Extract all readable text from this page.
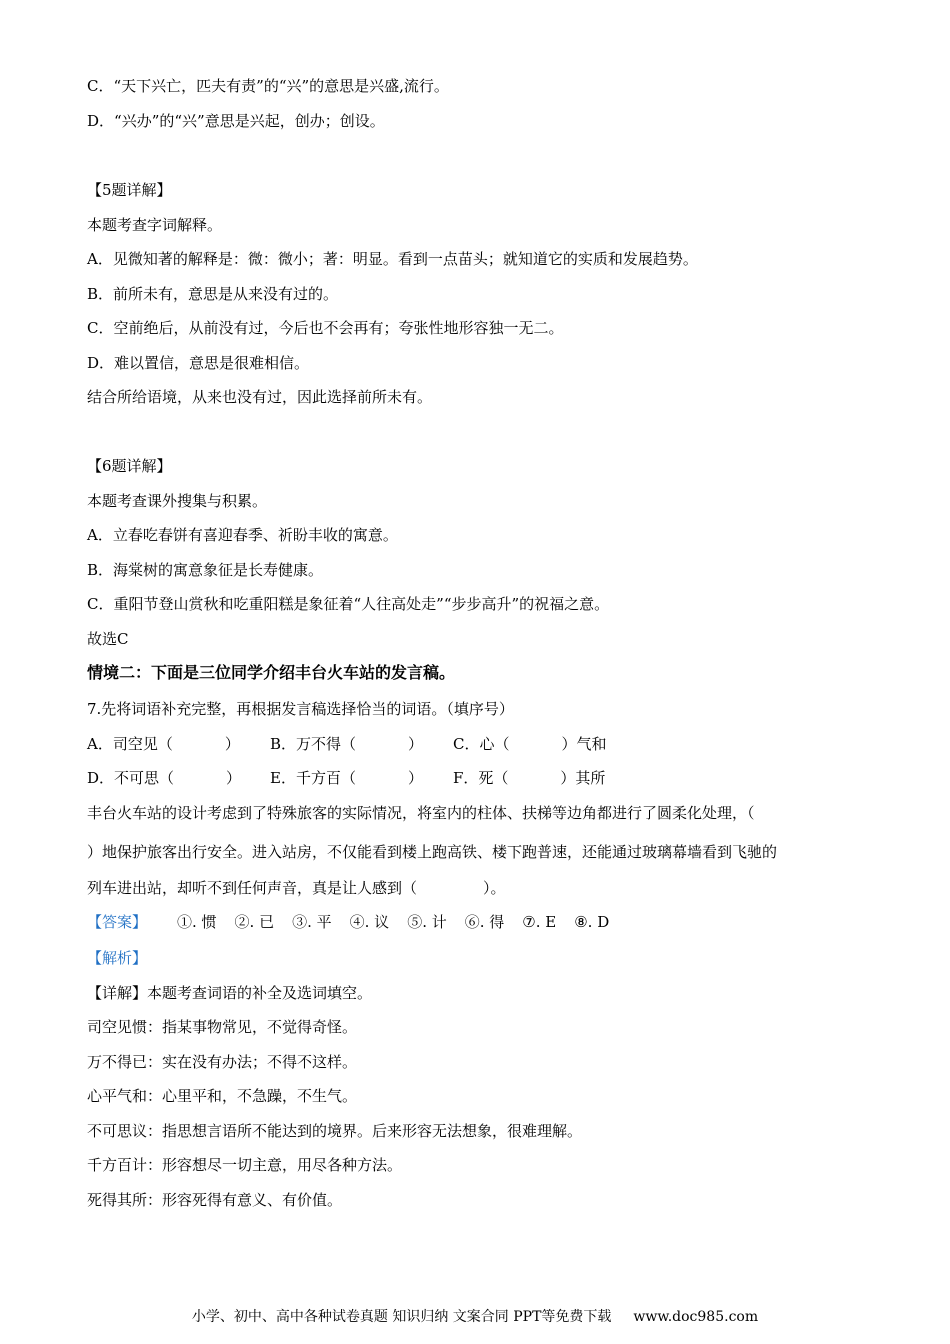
C．“天下兴亡，匹夫有责”的“兴”的意思是兴盛,流行。
D．“兴办”的“兴”意思是兴起，创办；创设。
【5题详解】
本题考查字词解释。
A．见微知著的解释是：微：微小；著：明显。看到一点苗头；就知道它的实质和发展趋势。
B．前所未有，意思是从来没有过的。
C．空前绝后，从前没有过，今后也不会再有；夸张性地形容独一无二。
D．难以置信，意思是很难相信。
结合所给语境，从来也没有过，因此选择前所未有。
【6题详解】
本题考查课外搜集与积累。
A．立春吃春饼有喜迎春季、祈盼丰收的寓意。
B．海棠树的寓意象征是长寿健康。
C．重阳节登山赏秋和吃重阳糕是象征着“人往高处走”“步步高升”的祝福之意。
故选C
情境二：下面是三位同学介绍丰台火车站的发言稿。
7.先将词语补充完整，再根据发言稿选择恰当的词语。（填序号）
A．司空见（	） B．万不得（	） C．心（	）气和
D．不可思（	） E．千方百（	） F．死（	）其所
丰台火车站的设计考虑到了特殊旅客的实际情况，将室内的柱体、扶梯等边角都进行了圆柔化处理，（
）地保护旅客出行安全。进入站房，不仅能看到楼上跑高铁、楼下跑普速，还能通过玻璃幕墙看到飞驰的
列车进出站，却听不到任何声音，真是让人感到（	）。
【答案】 ①. 惯 ②. 已 ③. 平 ④. 议 ⑤. 计 ⑥. 得 ⑦. E ⑧. D
【解析】
【详解】本题考查词语的补全及选词填空。
司空见惯：指某事物常见，不觉得奇怪。
万不得已：实在没有办法；不得不这样。
心平气和：心里平和，不急躁，不生气。
不可思议：指思想言语所不能达到的境界。后来形容无法想象，很难理解。
千方百计：形容想尽一切主意，用尽各种方法。
死得其所：形容死得有意义、有价值。
小学、初中、高中各种试卷真题 知识归纳 文案合同 PPT等免费下载 www.doc985.com
